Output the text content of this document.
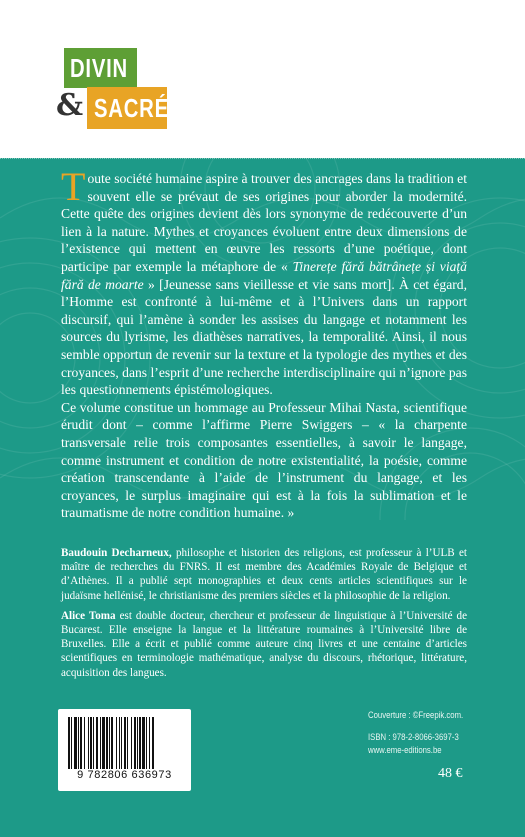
DIVIN
& SACRÉ

Toute société humaine aspire à trouver des ancrages dans la tradition et souvent elle se prévaut de ses origines pour aborder la modernité. Cette quête des origines devient dès lors synonyme de redécouverte d’un lien à la nature. Mythes et croyances évoluent entre deux dimensions de l’existence qui mettent en œuvre les ressorts d’une poétique, dont participe par exemple la métaphore de « Tinerețe fără bătrânețe și viață fără de moarte » [Jeunesse sans vieillesse et vie sans mort]. À cet égard, l’Homme est confronté à lui-même et à l’Univers dans un rapport discursif, qui l’amène à sonder les assises du langage et notamment les sources du lyrisme, les diathèses narratives, la temporalité. Ainsi, il nous semble opportun de revenir sur la texture et la typologie des mythes et des croyances, dans l’esprit d’une recherche interdisciplinaire qui n’ignore pas les questionnements épistémologiques.

Ce volume constitue un hommage au Professeur Mihai Nasta, scientifique érudit dont – comme l’affirme Pierre Swiggers – « la charpente transversale relie trois composantes essentielles, à savoir le langage, comme instrument et condition de notre existentialité, la poésie, comme création transcendante à l’aide de l’instrument du langage, et les croyances, le surplus imaginaire qui est à la fois la sublimation et le traumatisme de notre condition humaine. »

Baudouin Decharneux, philosophe et historien des religions, est professeur à l’ULB et maître de recherches du FNRS. Il est membre des Académies Royale de Belgique et d’Athènes. Il a publié sept monographies et deux cents articles scientifiques sur le judaïsme hellénisé, le christianisme des premiers siècles et la philosophie de la religion.

Alice Toma est double docteur, chercheur et professeur de linguistique à l’Université de Bucarest. Elle enseigne la langue et la littérature roumaines à l’Université libre de Bruxelles. Elle a écrit et publié comme auteure cinq livres et une centaine d’articles scientifiques en terminologie mathématique, analyse du discours, rhétorique, littérature, acquisition des langues.

9 782806 636973
Couverture : ©Freepik.com.
ISBN : 978-2-8066-3697-3
www.eme-editions.be
48 €
